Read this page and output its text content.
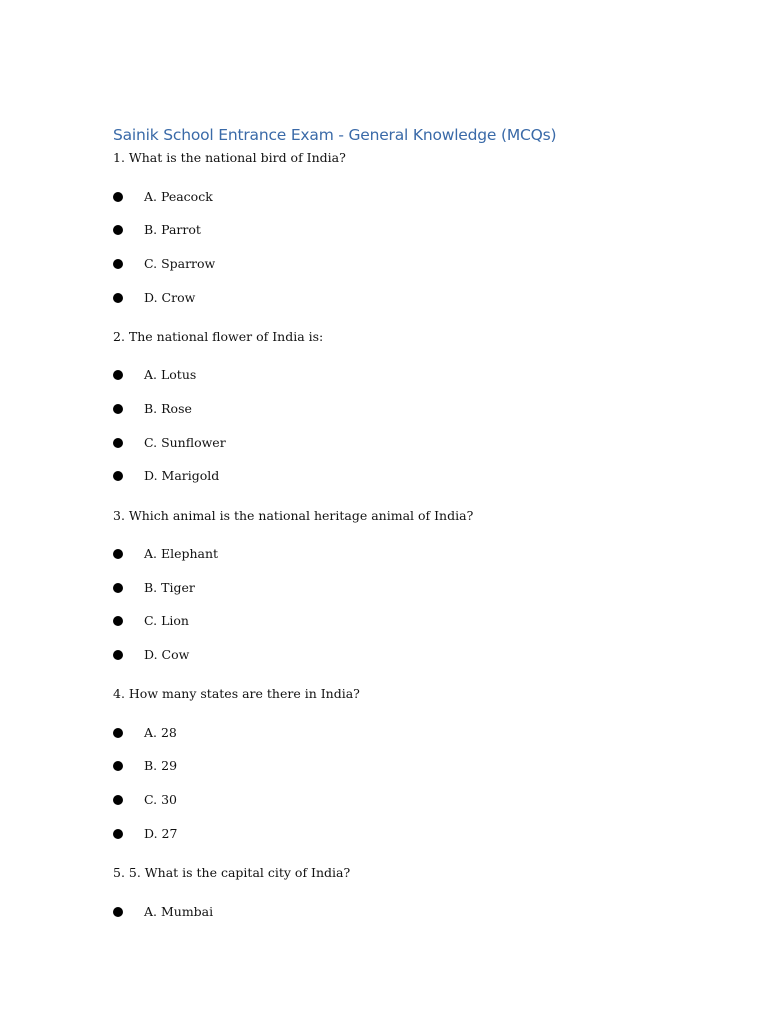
Sainik School Entrance Exam - General Knowledge (MCQs)

1. What is the national bird of India?

A. Peacock
B. Parrot
C. Sparrow
D. Crow

2. The national flower of India is:

A. Lotus
B. Rose
C. Sunflower
D. Marigold

3. Which animal is the national heritage animal of India?

A. Elephant
B. Tiger
C. Lion
D. Cow

4. How many states are there in India?

A. 28
B. 29
C. 30
D. 27

5. 5. What is the capital city of India?

A. Mumbai
